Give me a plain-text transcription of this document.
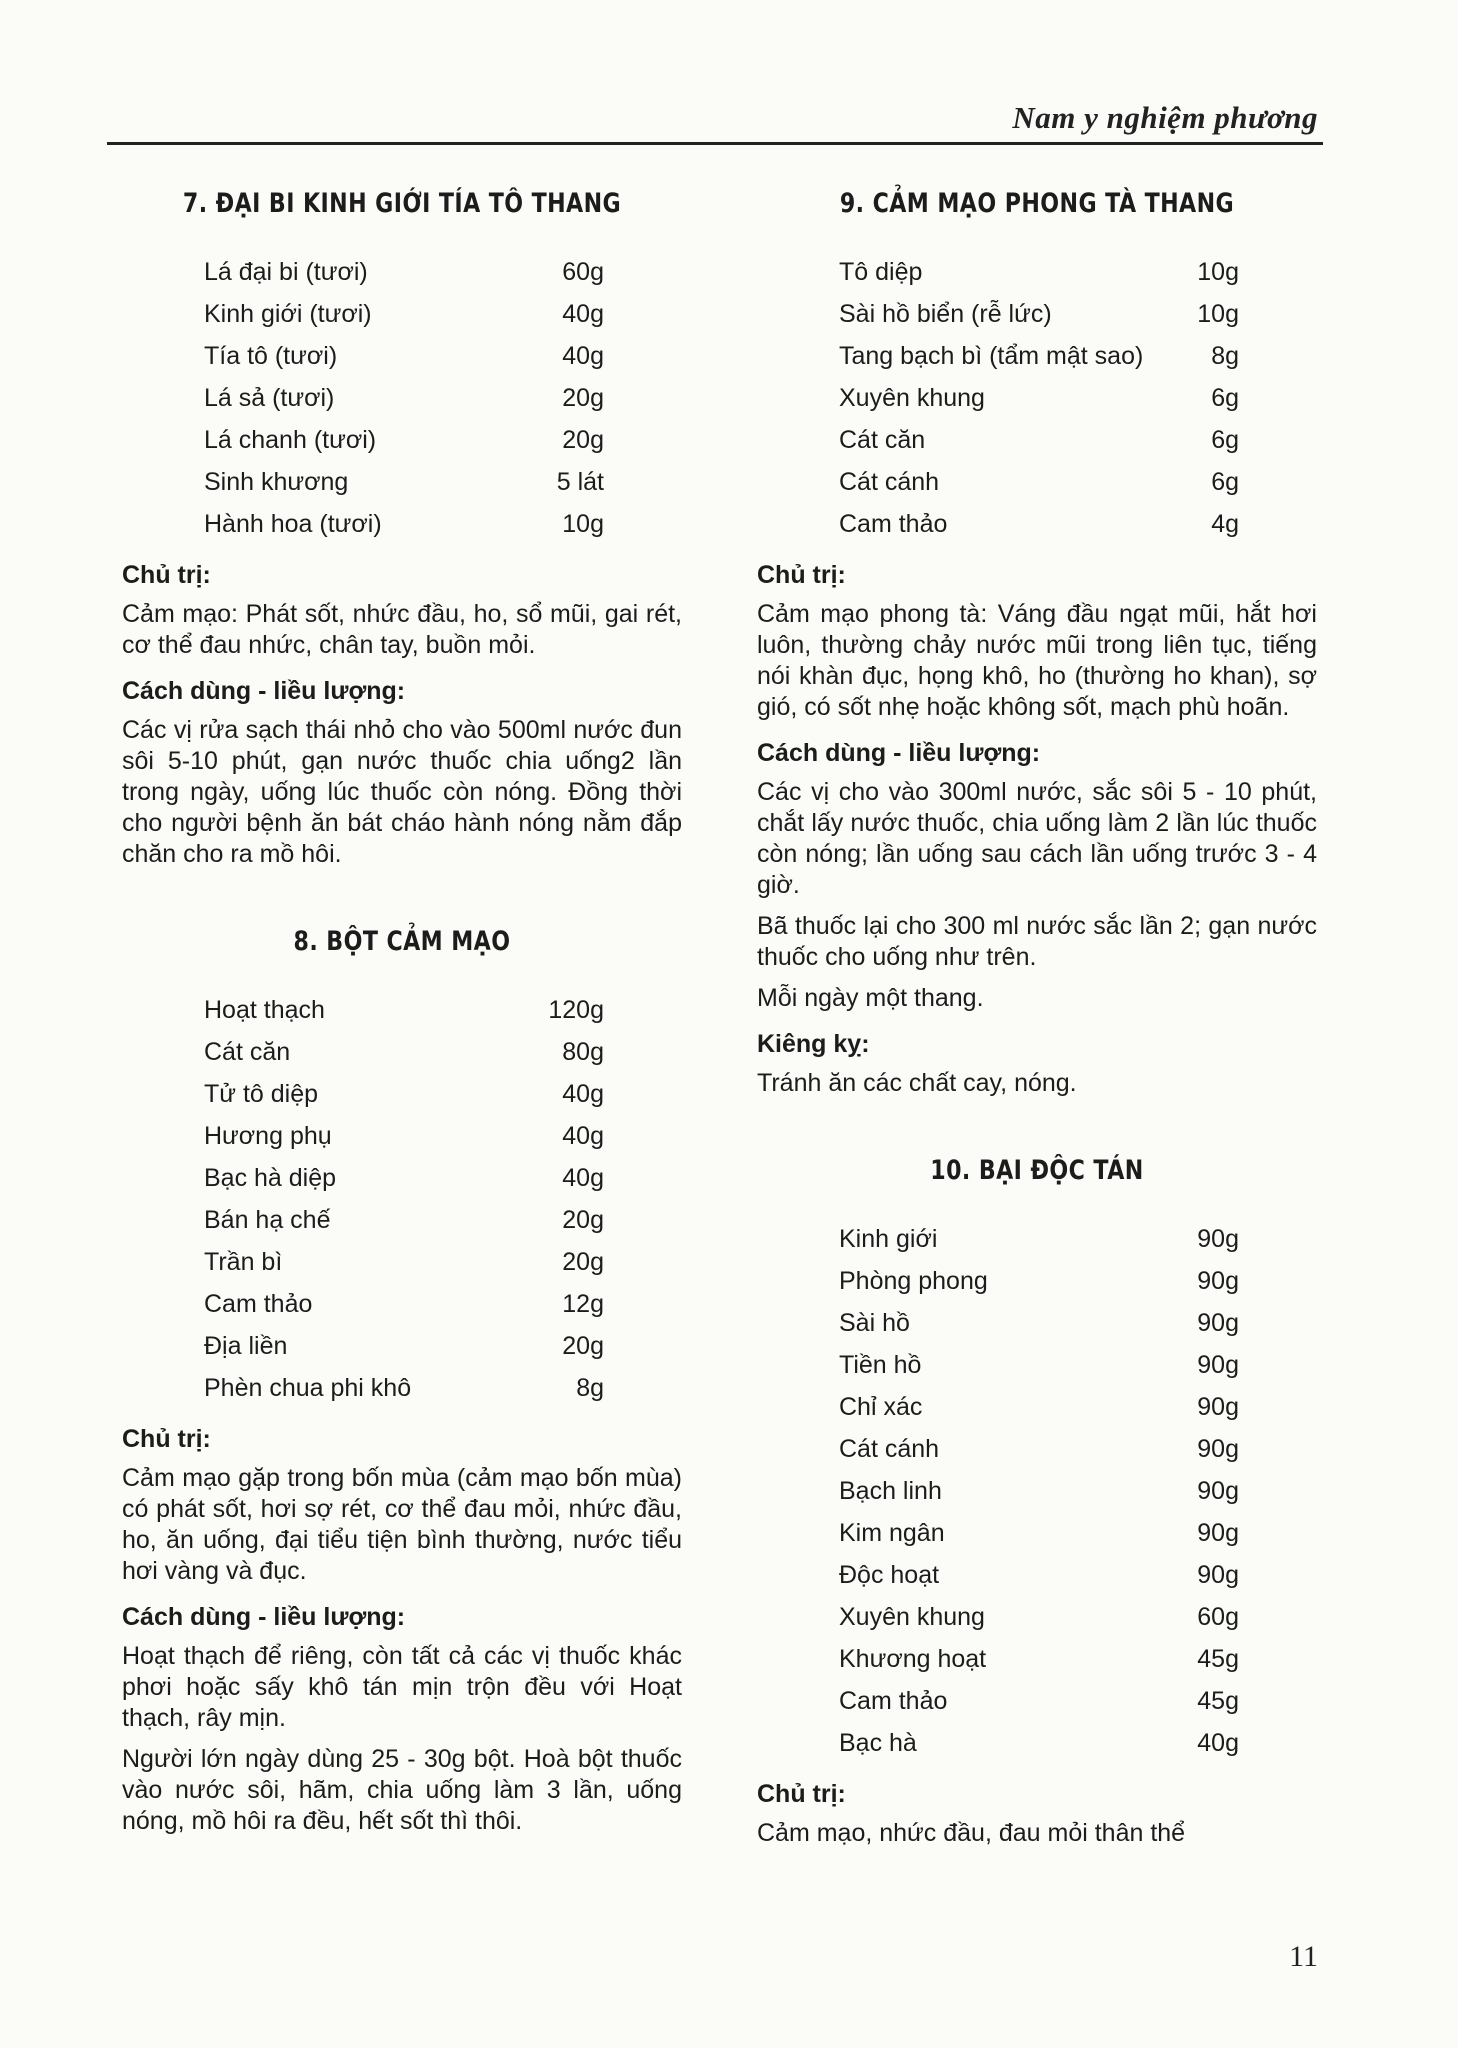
Nam y nghiệm phương
7. ĐẠI BI KINH GIỚI TÍA TÔ THANG
Lá đại bi (tươi)	60g
Kinh giới (tươi)	40g
Tía tô (tươi)	40g
Lá sả (tươi)	20g
Lá chanh (tươi)	20g
Sinh khương	5 lát
Hành hoa (tươi)	10g
Chủ trị:

Cảm mạo: Phát sốt, nhức đầu, ho, sổ mũi, gai rét, cơ thể đau nhức, chân tay, buồn mỏi.

Cách dùng - liều lượng:

Các vị rửa sạch thái nhỏ cho vào 500ml nước đun sôi 5-10 phút, gạn nước thuốc chia uống2 lần trong ngày, uống lúc thuốc còn nóng. Đồng thời cho người bệnh ăn bát cháo hành nóng nằm đắp chăn cho ra mồ hôi.

8. BỘT CẢM MẠO
Hoạt thạch	120g
Cát căn	80g
Tử tô diệp	40g
Hương phụ	40g
Bạc hà diệp	40g
Bán hạ chế	20g
Trần bì	20g
Cam thảo	12g
Địa liền	20g
Phèn chua phi khô	8g
Chủ trị:

Cảm mạo gặp trong bốn mùa (cảm mạo bốn mùa) có phát sốt, hơi sợ rét, cơ thể đau mỏi, nhức đầu, ho, ăn uống, đại tiểu tiện bình thường, nước tiểu hơi vàng và đục.

Cách dùng - liều lượng:

Hoạt thạch để riêng, còn tất cả các vị thuốc khác phơi hoặc sấy khô tán mịn trộn đều với Hoạt thạch, rây mịn.

Người lớn ngày dùng 25 - 30g bột. Hoà bột thuốc vào nước sôi, hãm, chia uống làm 3 lần, uống nóng, mồ hôi ra đều, hết sốt thì thôi.

9. CẢM MẠO PHONG TÀ THANG
Tô diệp	10g
Sài hồ biển (rễ lức)	10g
Tang bạch bì (tẩm mật sao)	8g
Xuyên khung	6g
Cát căn	6g
Cát cánh	6g
Cam thảo	4g
Chủ trị:

Cảm mạo phong tà: Váng đầu ngạt mũi, hắt hơi luôn, thường chảy nước mũi trong liên tục, tiếng nói khàn đục, họng khô, ho (thường ho khan), sợ gió, có sốt nhẹ hoặc không sốt, mạch phù hoãn.

Cách dùng - liều lượng:

Các vị cho vào 300ml nước, sắc sôi 5 - 10 phút, chắt lấy nước thuốc, chia uống làm 2 lần lúc thuốc còn nóng; lần uống sau cách lần uống trước 3 - 4 giờ.

Bã thuốc lại cho 300 ml nước sắc lần 2; gạn nước thuốc cho uống như trên.

Mỗi ngày một thang.

Kiêng kỵ:

Tránh ăn các chất cay, nóng.

10. BẠI ĐỘC TÁN
Kinh giới	90g
Phòng phong	90g
Sài hồ	90g
Tiền hồ	90g
Chỉ xác	90g
Cát cánh	90g
Bạch linh	90g
Kim ngân	90g
Độc hoạt	90g
Xuyên khung	60g
Khương hoạt	45g
Cam thảo	45g
Bạc hà	40g
Chủ trị:

Cảm mạo, nhức đầu, đau mỏi thân thể

11
